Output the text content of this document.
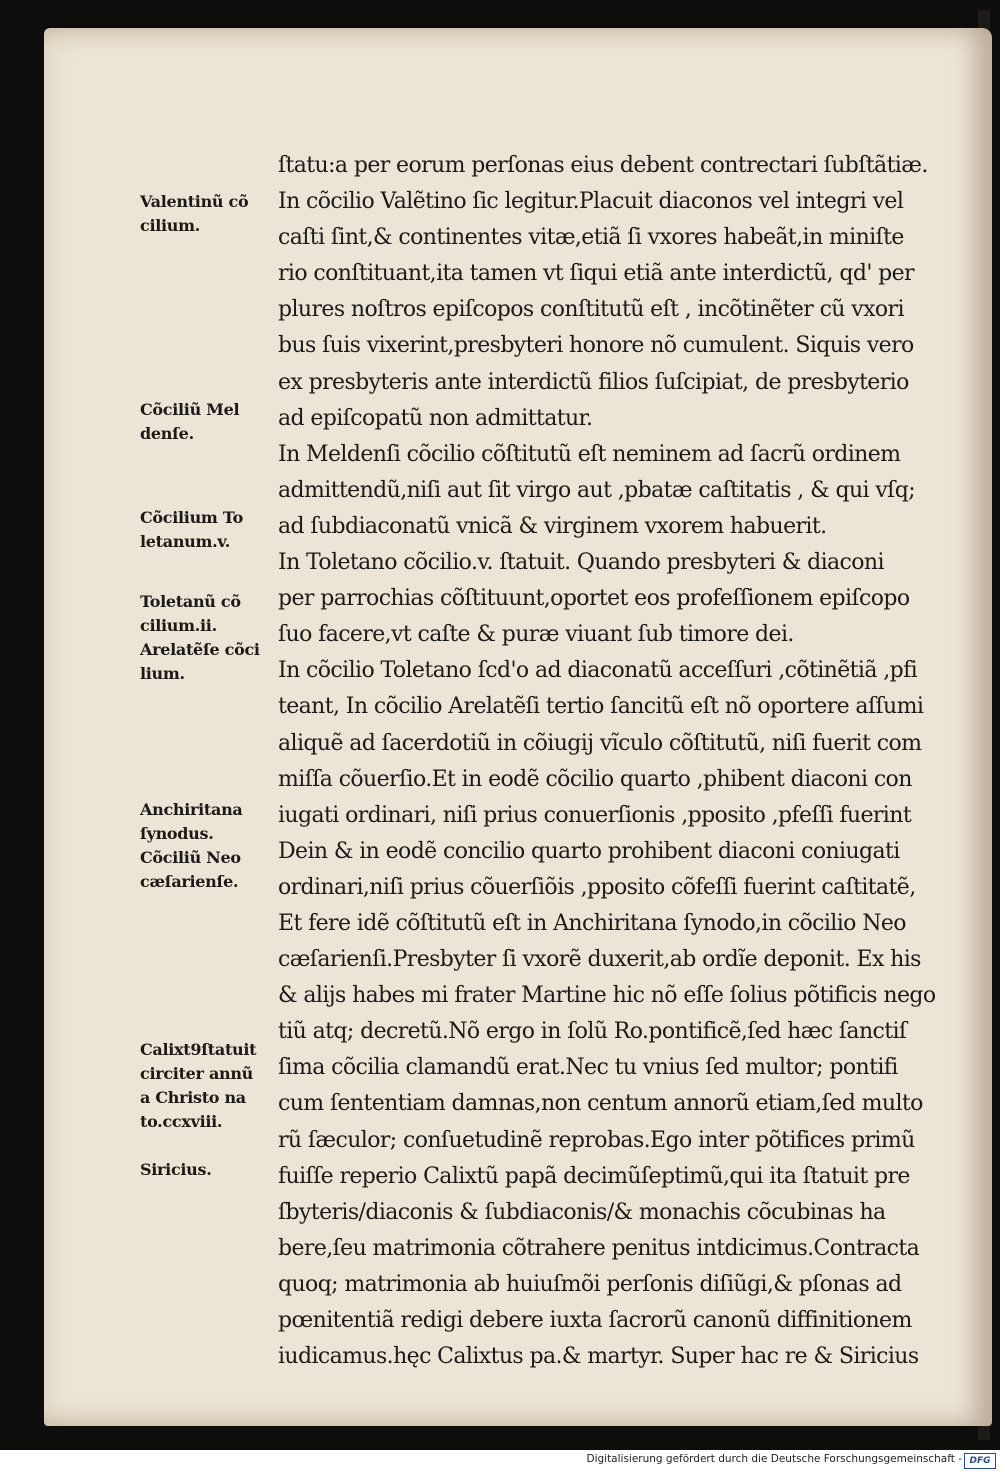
ſtatu:a per eorum perſonas eius debent contrectari ſubſtãtiæ.
In cõcilio Valẽtino ſic legitur.Placuit diaconos vel integri vel
caſti ſint,& continentes vitæ,etiã ſi vxores habeãt,in miniſte
rio conſtituant,ita tamen vt ſiqui etiã ante interdictũ, qd' per
plures noſtros epiſcopos conſtitutũ eſt , incõtinẽter cũ vxori
bus ſuis vixerint,presbyteri honore nõ cumulent. Siquis vero
ex presbyteris ante interdictũ filios ſuſcipiat, de presbyterio
ad epiſcopatũ non admittatur.
In Meldenſi cõcilio cõſtitutũ eſt neminem ad ſacrũ ordinem
admittendũ,niſi aut ſit virgo aut ,pbatæ caſtitatis , & qui vſq;
ad ſubdiaconatũ vnicã & virginem vxorem habuerit.
In Toletano cõcilio.v. ſtatuit. Quando presbyteri & diaconi
per parrochias cõſtituunt,oportet eos profeſſionem epiſcopo
ſuo facere,vt caſte & puræ viuant ſub timore dei.
In cõcilio Toletano ſcd'o ad diaconatũ acceſſuri ,cõtinẽtiã ,pfi
teant, In cõcilio Arelatẽſi tertio ſancitũ eſt nõ oportere aſſumi
aliquẽ ad ſacerdotiũ in cõiugij vĩculo cõſtitutũ, niſi fuerit com
miſſa cõuerſio.Et in eodẽ cõcilio quarto ,phibent diaconi con
iugati ordinari, niſi prius conuerſionis ,pposito ,pfeſſi fuerint
Dein & in eodẽ concilio quarto prohibent diaconi coniugati
ordinari,niſi prius cõuerſiõis ,pposito cõfeſſi fuerint caſtitatẽ,
Et fere idẽ cõſtitutũ eſt in Anchiritana ſynodo,in cõcilio Neo
cæſarienſi.Presbyter ſi vxorẽ duxerit,ab ordĩe deponit. Ex his
& alijs habes mi frater Martine hic nõ eſſe ſolius põtificis nego
tiũ atq; decretũ.Nõ ergo in ſolũ Ro.pontificẽ,ſed hæc ſanctiſ
ſima cõcilia clamandũ erat.Nec tu vnius ſed multor; pontifi
cum ſententiam damnas,non centum annorũ etiam,ſed multo
rũ ſæculor; conſuetudinẽ reprobas.Ego inter põtifices primũ
fuiſſe reperio Calixtũ papã decimũſeptimũ,qui ita ſtatuit pre
ſbyteris/diaconis & ſubdiaconis/& monachis cõcubinas ha
bere,ſeu matrimonia cõtrahere penitus intdicimus.Contracta
quoq; matrimonia ab huiuſmõi perſonis diſiũgi,& pſonas ad
pœnitentiã redigi debere iuxta ſacrorũ canonũ diffinitionem
iudicamus.hęc Calixtus pa.& martyr. Super hac re & Siricius
Valentinũ cõ
cilium.
Cõciliũ Mel
denſe.
Cõcilium To
letanum.v.
Toletanũ cõ
cilium.ii.
Arelatẽſe cõci
lium.
Anchiritana
ſynodus.
Cõciliũ Neo
cæſarienſe.
Calixt9ſtatuit
circiter annũ
a Christo na
to.ccxviii.
Siricius.
Digitalisierung gefördert durch die Deutsche Forschungsgemeinschaft - DFG
